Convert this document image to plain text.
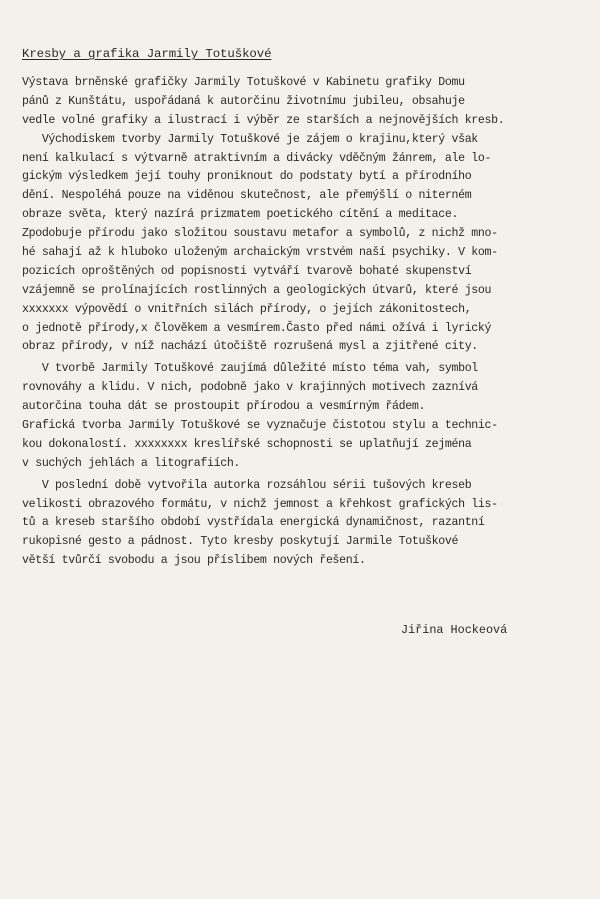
Kresby a grafika Jarmily Totuškové
Výstava brněnské grafičky Jarmily Totuškové v Kabinetu grafiky Domu
pánů z Kunštátu, uspořádaná k autorčinu životnímu jubileu, obsahuje
vedle volné grafiky a ilustrací i výběr ze starších a nejnovějších kresb.
Východiskem tvorby Jarmily Totuškové je zájem o krajinu,který však
není kalkulací s výtvarně atraktivním a divácky vděčným žánrem, ale lo-
gickým výsledkem její touhy proniknout do podstaty bytí a přírodního
dění. Nespoléhá pouze na viděnou skutečnost, ale přemýšlí o niterném
obraze světa, který nazírá prizmatem poetického cítění a meditace.
Zpodobuje přírodu jako složitou soustavu metafor a symbolů, z nichž mno-
hé sahají až k hluboko uloženým archaickým vrstvém naší psychiky. V kom-
pozicích oproštěných od popisnosti vytváří tvarově bohaté skupenství
vzájemně se prolínajících rostlinných a geologických útvarů, které jsou
xxxxxxx výpovědí o vnitřních silách přírody, o jejích zákonitostech,
o jednotě přírody,x člověkem a vesmírem.Často před námi ožívá i lyrický
obraz přírody, v níž nachází útočiště rozrušená mysl a zjitřené city.
V tvorbě Jarmily Totuškové zaujímá důležité místo téma vah, symbol
rovnováhy a klidu. V nich, podobně jako v krajinných motivech zaznívá
autorčina touha dát se prostoupit přírodou a vesmírným řádem.
Grafická tvorba Jarmily Totuškové se vyznačuje čistotou stylu a technic-
kou dokonalostí. xxxxxxxx kreslířské schopnosti se uplatňují zejména
v suchých jehlách a litografiích.
V poslední době vytvořila autorka rozsáhlou sérii tušových kreseb
velikosti obrazového formátu, v nichž jemnost a křehkost grafických lis-
tů a kreseb staršího období vystřídala energická dynamičnost, razantní
rukopisné gesto a pádnost. Tyto kresby poskytují Jarmile Totuškové
větší tvůrčí svobodu a jsou příslibem nových řešení.
Jiřina Hockeová
